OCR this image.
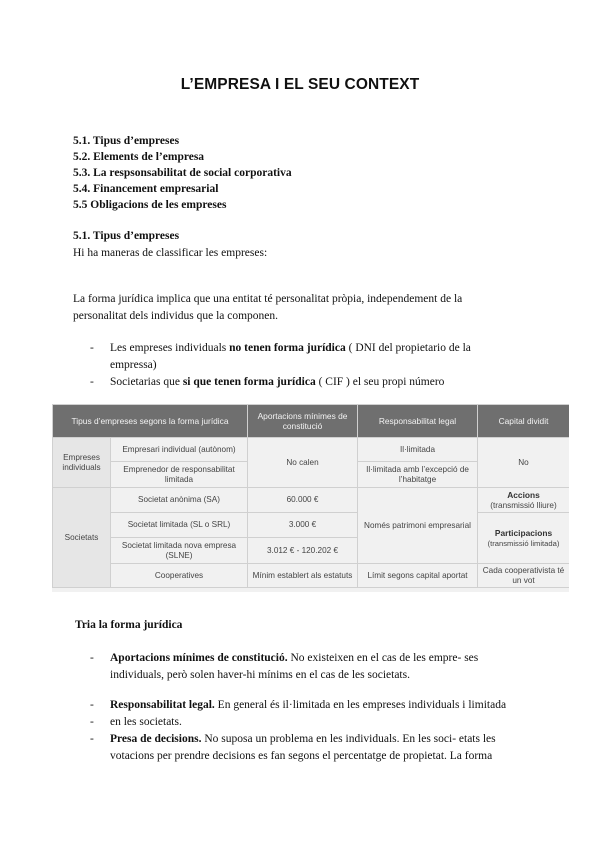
L’EMPRESA I EL SEU CONTEXT
5.1. Tipus d’empreses
5.2. Elements de l’empresa
5.3. La respsonsabilitat de social corporativa
5.4. Financement empresarial
5.5 Obligacions de les empreses
5.1. Tipus d’empreses
Hi ha maneras de classificar les empreses:
La forma jurídica implica que una entitat té personalitat pròpia, independement de la
personalitat dels individus que la componen.
- Les empreses individuals no tenen forma jurídica ( DNI del propietario de la
empressa)
- Societarias que si que tenen forma jurídica ( CIF ) el seu propi número
Tipus d’empreses segons la forma jurídica		Aportacions mínimes de constitució	Responsabilitat legal	Capital dividit
Empreses individuals	Empresari individual (autònom)	No calen	Il·limitada	No
	Emprenedor de responsabilitat limitada		Il·limitada amb l’excepció de l’habitatge	
Societats	Societat anònima (SA)	60.000 €	Només patrimoni empresarial	Accions
(transmissió lliure)
	Societat limitada (SL o SRL)	3.000 €		Participacions
(transmissió limitada)
	Societat limitada nova empresa (SLNE)	3.012 € - 120.202 €		
	Cooperatives	Mínim establert als estatuts	Límit segons capital aportat	Cada cooperativista té un vot
Tria la forma jurídica
- Aportacions mínimes de constitució. No existeixen en el cas de les empre- ses
individuals, però solen haver-hi mínims en el cas de les societats.
- Responsabilitat legal. En general és il·limitada en les empreses individuals i limitada
- en les societats.
- Presa de decisions. No suposa un problema en les individuals. En les soci- etats les
votacions per prendre decisions es fan segons el percentatge de propietat. La forma
